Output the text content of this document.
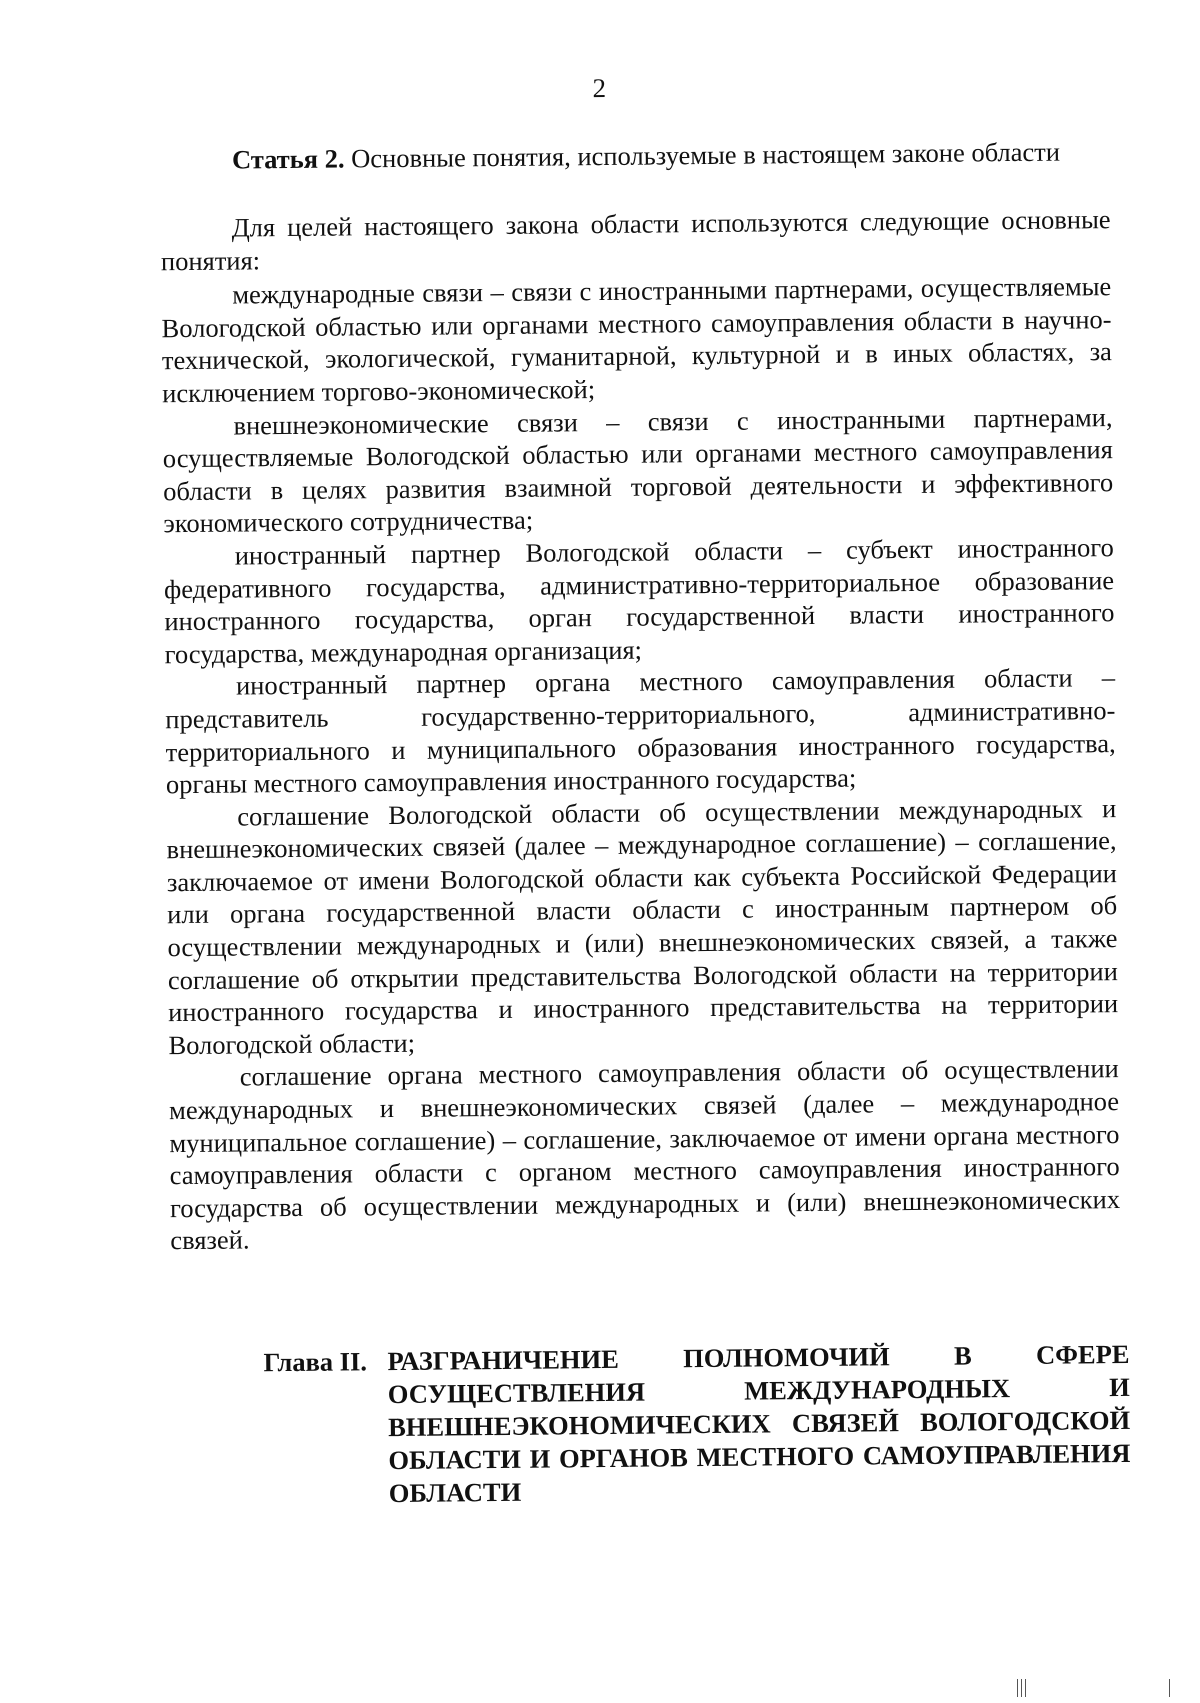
2
Статья 2. Основные понятия, используемые в настоящем законе области

Для целей настоящего закона области используются следующие основные понятия:

международные связи – связи с иностранными партнерами, осуществляемые Вологодской областью или органами местного самоуправления области в научно-технической, экологической, гуманитарной, культурной и в иных областях, за исключением торгово-экономической;

внешнеэкономические связи – связи с иностранными партнерами, осуществляемые Вологодской областью или органами местного самоуправления области в целях развития взаимной торговой деятельности и эффективного экономического сотрудничества;

иностранный партнер Вологодской области – субъект иностранного федеративного государства, административно-территориальное образование иностранного государства, орган государственной власти иностранного государства, международная организация;

иностранный партнер органа местного самоуправления области – представитель государственно-территориального, административно-территориального и муниципального образования иностранного государства, органы местного самоуправления иностранного государства;

соглашение Вологодской области об осуществлении международных и внешнеэкономических связей (далее – международное соглашение) – соглашение, заключаемое от имени Вологодской области как субъекта Российской Федерации или органа государственной власти области с иностранным партнером об осуществлении международных и (или) внешнеэкономических связей, а также соглашение об открытии представительства Вологодской области на территории иностранного государства и иностранного представительства на территории Вологодской области;

соглашение органа местного самоуправления области об осуществлении международных и внешнеэкономических связей (далее – международное муниципальное соглашение) – соглашение, заключаемое от имени органа местного самоуправления области с органом местного самоуправления иностранного государства об осуществлении международных и (или) внешнеэкономических связей.

Глава II. РАЗГРАНИЧЕНИЕ ПОЛНОМОЧИЙ В СФЕРЕ ОСУЩЕСТВЛЕНИЯ МЕЖДУНАРОДНЫХ И ВНЕШНЕЭКОНОМИЧЕСКИХ СВЯЗЕЙ ВОЛОГОДСКОЙ ОБЛАСТИ И ОРГАНОВ МЕСТНОГО САМОУПРАВЛЕНИЯ ОБЛАСТИ
